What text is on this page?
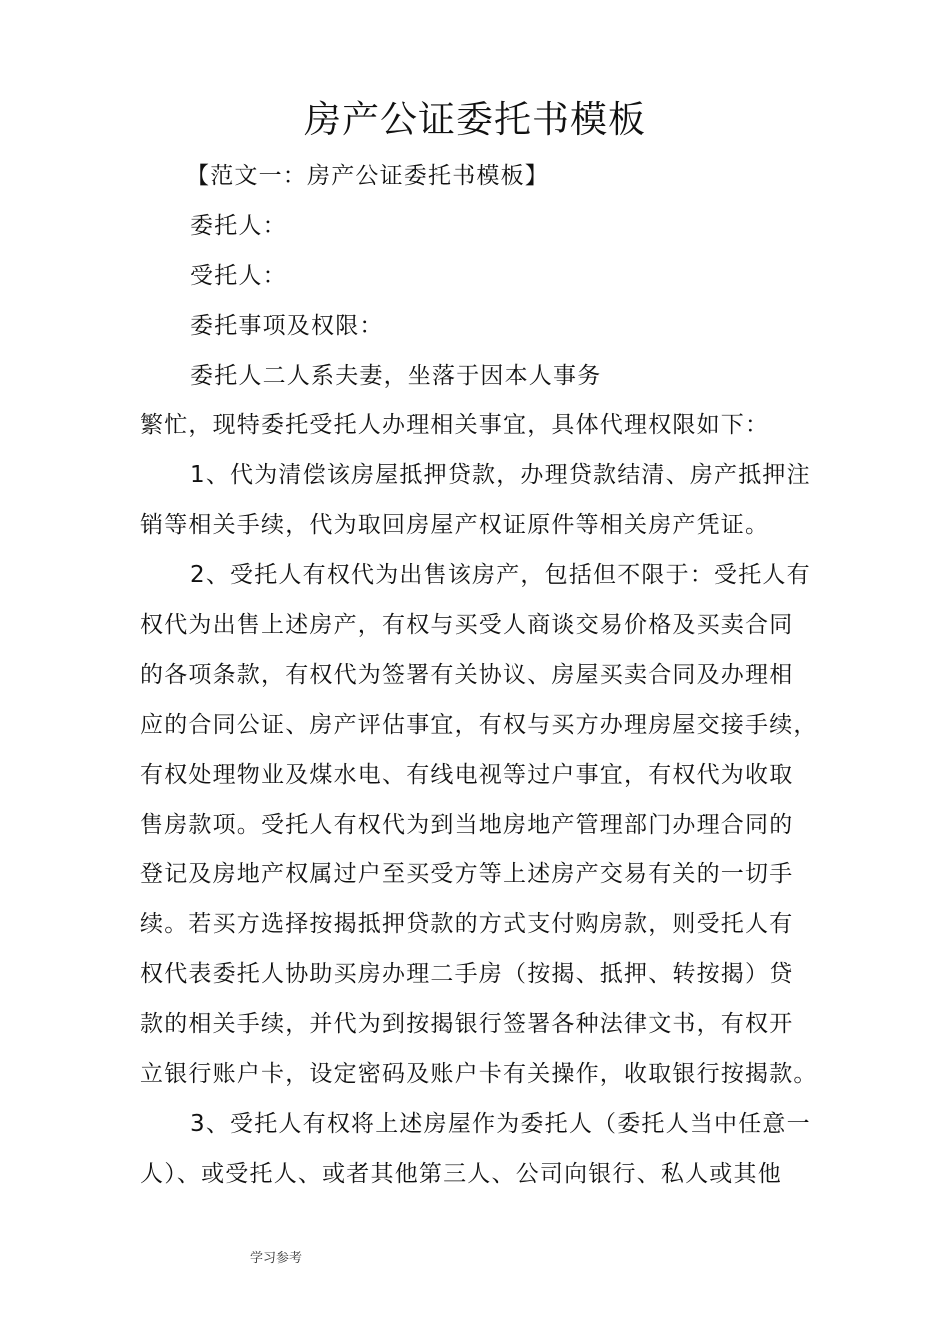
房产公证委托书模板
【范文一：房产公证委托书模板】
委托人：
受托人：
委托事项及权限：
委托人二人系夫妻，坐落于因本人事务
繁忙，现特委托受托人办理相关事宜，具体代理权限如下：
1、代为清偿该房屋抵押贷款，办理贷款结清、房产抵押注
销等相关手续，代为取回房屋产权证原件等相关房产凭证。
2、受托人有权代为出售该房产，包括但不限于：受托人有
权代为出售上述房产，有权与买受人商谈交易价格及买卖合同
的各项条款，有权代为签署有关协议、房屋买卖合同及办理相
应的合同公证、房产评估事宜，有权与买方办理房屋交接手续，
有权处理物业及煤水电、有线电视等过户事宜，有权代为收取
售房款项。受托人有权代为到当地房地产管理部门办理合同的
登记及房地产权属过户至买受方等上述房产交易有关的一切手
续。若买方选择按揭抵押贷款的方式支付购房款，则受托人有
权代表委托人协助买房办理二手房（按揭、抵押、转按揭）贷
款的相关手续，并代为到按揭银行签署各种法律文书，有权开
立银行账户卡，设定密码及账户卡有关操作，收取银行按揭款。
3、受托人有权将上述房屋作为委托人（委托人当中任意一
人）、或受托人、或者其他第三人、公司向银行、私人或其他
学习参考
